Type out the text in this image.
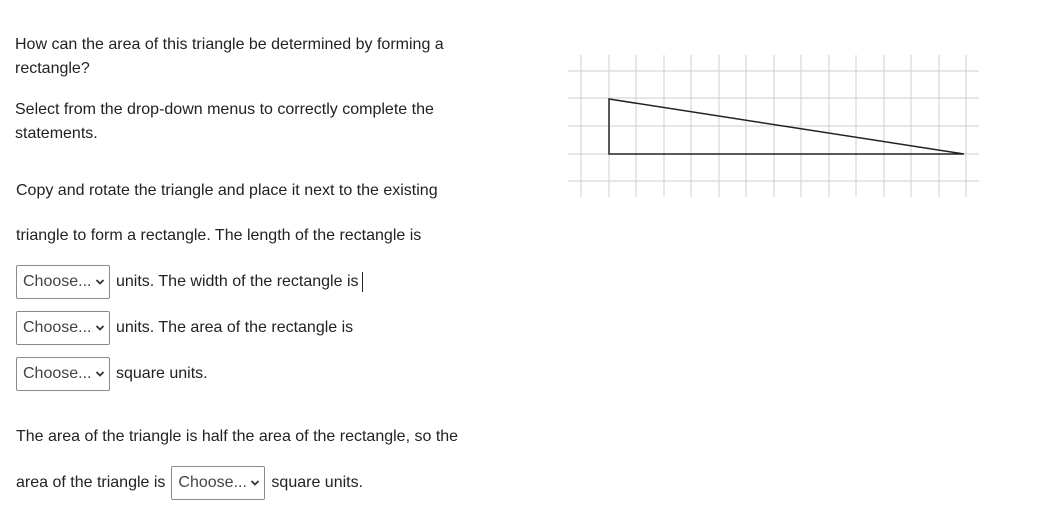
How can the area of this triangle be determined by forming a rectangle?

Select from the drop-down menus to correctly complete the statements.

Copy and rotate the triangle and place it next to the existing
triangle to form a rectangle. The length of the rectangle is
Choose... units. The width of the rectangle is
Choose... units. The area of the rectangle is
Choose... square units.
The area of the triangle is half the area of the rectangle, so the
area of the triangle is Choose... square units.
